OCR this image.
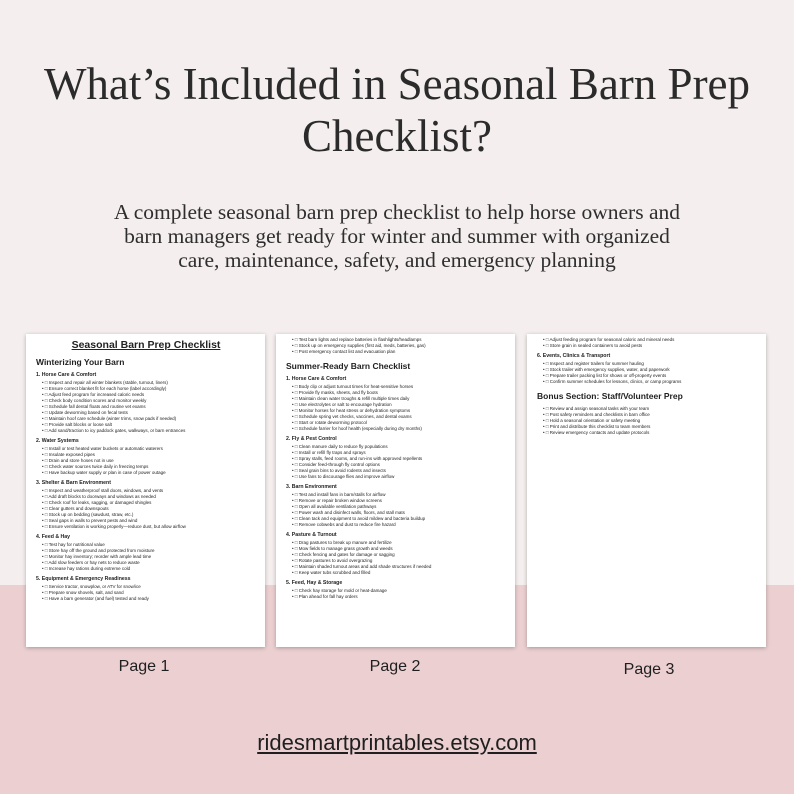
What’s Included in Seasonal Barn Prep
Checklist?
A complete seasonal barn prep checklist to help horse owners and
barn managers get ready for winter and summer with organized
care, maintenance, safety, and emergency planning
Seasonal Barn Prep Checklist
Winterizing Your Barn
1. Horse Care & Comfort
• □ Inspect and repair all winter blankets (stable, turnout, liners)
• □ Ensure correct blanket fit for each horse (label accordingly)
• □ Adjust feed program for increased caloric needs
• □ Check body condition scores and monitor weekly
• □ Schedule fall dental floats and routine vet exams
• □ Update deworming based on fecal tests
• □ Maintain hoof care schedule (winter trims, snow pads if needed)
• □ Provide salt blocks or loose salt
• □ Add sand/traction to icy paddock gates, walkways, or barn entrances
2. Water Systems
• □ Install or test heated water buckets or automatic waterers
• □ Insulate exposed pipes
• □ Drain and store hoses not in use
• □ Check water sources twice daily in freezing temps
• □ Have backup water supply or plan in case of power outage
3. Shelter & Barn Environment
• □ Inspect and weatherproof stall doors, windows, and vents
• □ Add draft blocks to doorways and windows as needed
• □ Check roof for leaks, sagging, or damaged shingles
• □ Clear gutters and downspouts
• □ Stock up on bedding (sawdust, straw, etc.)
• □ Seal gaps in walls to prevent pests and wind
• □ Ensure ventilation is working properly—reduce dust, but allow airflow
4. Feed & Hay
• □ Test hay for nutritional value
• □ Store hay off the ground and protected from moisture
• □ Monitor hay inventory; reorder with ample lead time
• □ Add slow feeders or hay nets to reduce waste
• □ Increase hay rations during extreme cold
5. Equipment & Emergency Readiness
• □ Service tractor, snowplow, or ATV for snow/ice
• □ Prepare snow shovels, salt, and sand
• □ Have a barn generator (and fuel) tested and ready
• □ Test barn lights and replace batteries in flashlights/headlamps
• □ Stock up on emergency supplies (first aid, meds, batteries, gas)
• □ Post emergency contact list and evacuation plan
Summer-Ready Barn Checklist
1. Horse Care & Comfort
• □ Body clip or adjust turnout times for heat-sensitive horses
• □ Provide fly masks, sheets, and fly boots
• □ Maintain clean water troughs & refill multiple times daily
• □ Use electrolytes or salt to encourage hydration
• □ Monitor horses for heat stress or dehydration symptoms
• □ Schedule spring vet checks, vaccines, and dental exams
• □ Start or rotate deworming protocol
• □ Schedule farrier for hoof health (especially during dry months)
2. Fly & Pest Control
• □ Clean manure daily to reduce fly populations
• □ Install or refill fly traps and sprays
• □ Spray stalls, feed rooms, and run-ins with approved repellents
• □ Consider feed-through fly control options
• □ Seal grain bins to avoid rodents and insects
• □ Use fans to discourage flies and improve airflow
3. Barn Environment
• □ Test and install fans in barn/stalls for airflow
• □ Remove or repair broken window screens
• □ Open all available ventilation pathways
• □ Power wash and disinfect walls, floors, and stall mats
• □ Clean tack and equipment to avoid mildew and bacteria buildup
• □ Remove cobwebs and dust to reduce fire hazard
4. Pasture & Turnout
• □ Drag pastures to break up manure and fertilize
• □ Mow fields to manage grass growth and weeds
• □ Check fencing and gates for damage or sagging
• □ Rotate pastures to avoid overgrazing
• □ Maintain shaded turnout areas and add shade structures if needed
• □ Keep water tubs scrubbed and filled
5. Feed, Hay & Storage
• □ Check hay storage for mold or heat-damage
• □ Plan ahead for fall hay orders
• □ Adjust feeding program for seasonal caloric and mineral needs
• □ Store grain in sealed containers to avoid pests
6. Events, Clinics & Transport
• □ Inspect and register trailers for summer hauling
• □ Stock trailer with emergency supplies, water, and paperwork
• □ Prepare trailer packing list for shows or off-property events
• □ Confirm summer schedules for lessons, clinics, or camp programs
Bonus Section: Staff/Volunteer Prep
• □ Review and assign seasonal tasks with your team
• □ Post safety reminders and checklists in barn office
• □ Hold a seasonal orientation or safety meeting
• □ Print and distribute this checklist to team members
• □ Review emergency contacts and update protocols
Page 1	Page 2	Page 3
ridesmartprintables.etsy.com
